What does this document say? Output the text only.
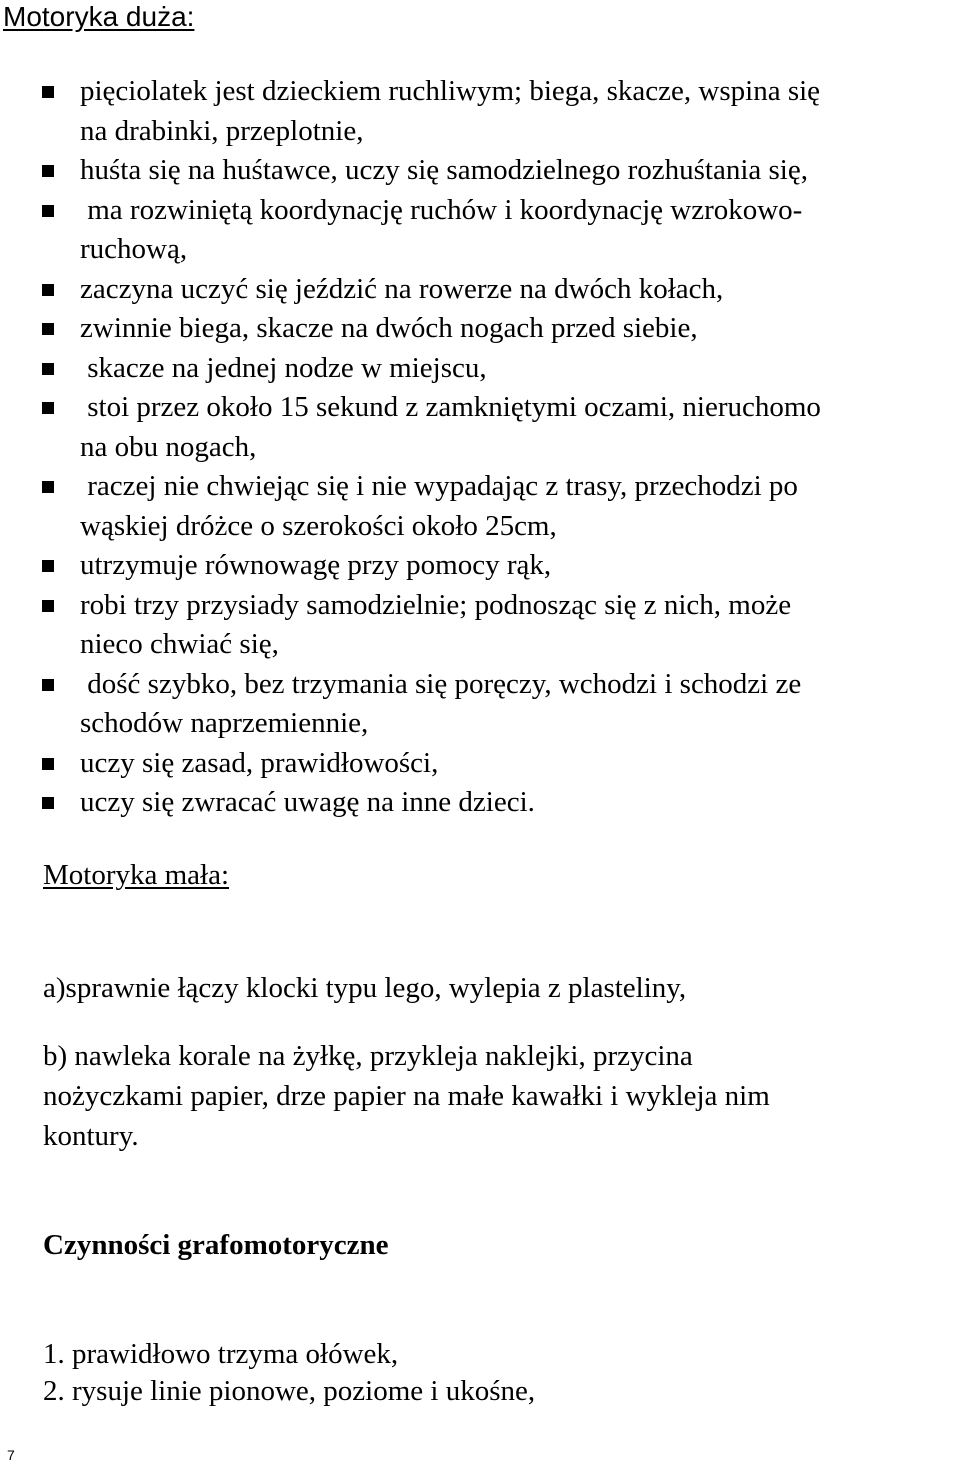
Motoryka duża:
pięciolatek jest dzieckiem ruchliwym; biega, skacze, wspina się
na drabinki, przeplotnie,
huśta się na huśtawce, uczy się samodzielnego rozhuśtania się,
ma rozwiniętą koordynację ruchów i koordynację wzrokowo-
ruchową,
zaczyna uczyć się jeździć na rowerze na dwóch kołach,
zwinnie biega, skacze na dwóch nogach przed siebie,
skacze na jednej nodze w miejscu,
stoi przez około 15 sekund z zamkniętymi oczami, nieruchomo
na obu nogach,
raczej nie chwiejąc się i nie wypadając z trasy, przechodzi po
wąskiej dróżce o szerokości około 25cm,
utrzymuje równowagę przy pomocy rąk,
robi trzy przysiady samodzielnie; podnosząc się z nich, może
nieco chwiać się,
dość szybko, bez trzymania się poręczy, wchodzi i schodzi ze
schodów naprzemiennie,
uczy się zasad, prawidłowości,
uczy się zwracać uwagę na inne dzieci.
Motoryka mała:

a)sprawnie łączy klocki typu lego, wylepia z plasteliny,

b) nawleka korale na żyłkę, przykleja naklejki, przycina
nożyczkami papier, drze papier na małe kawałki i wykleja nim
kontury.

Czynności grafomotoryczne
1. prawidłowo trzyma ołówek,
2. rysuje linie pionowe, poziome i ukośne,
7
